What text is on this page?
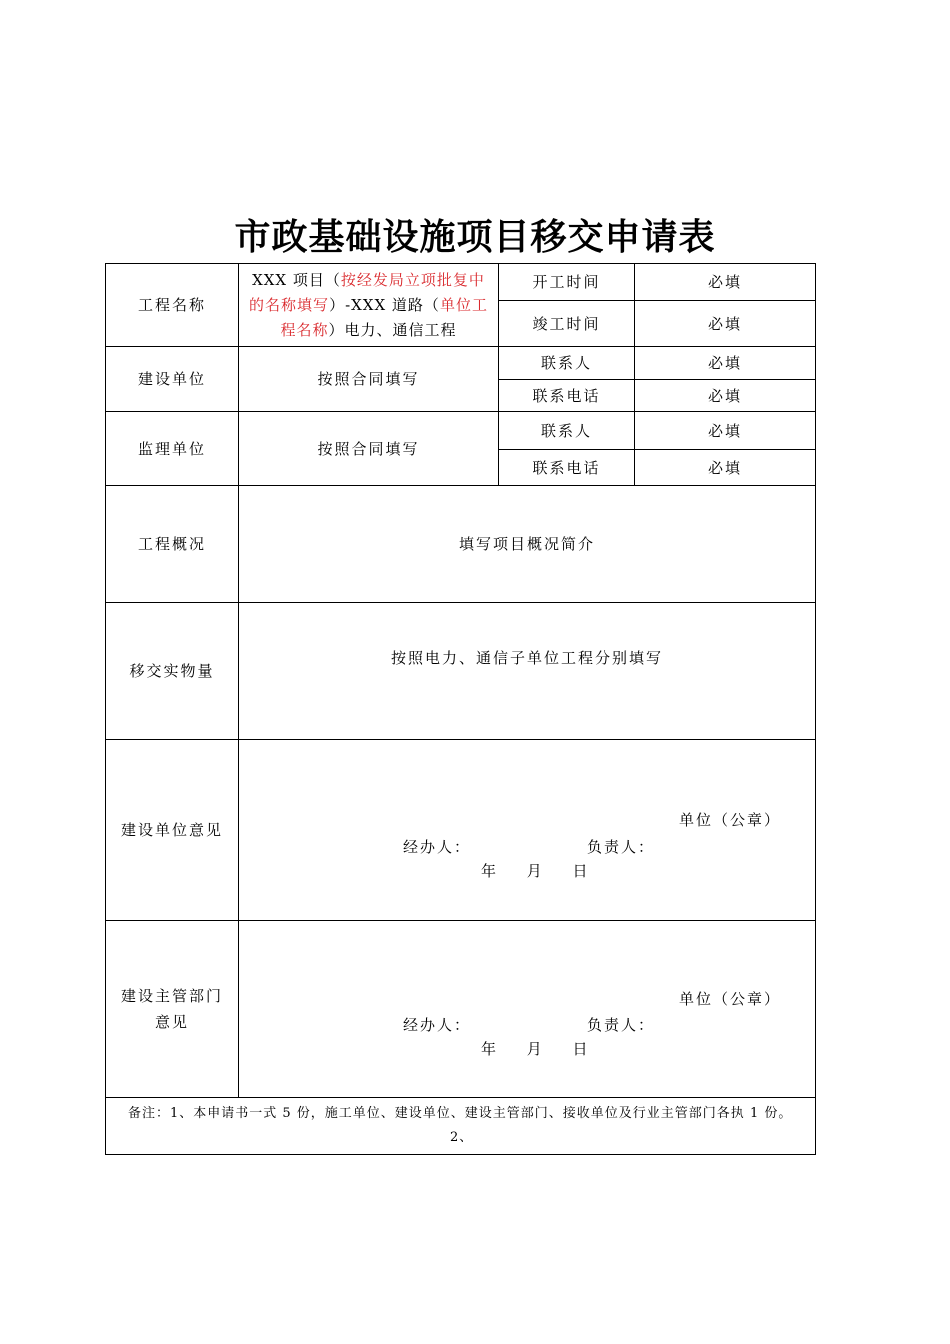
市政基础设施项目移交申请表
工程名称	XXX 项目（按经发局立项批复中的名称填写）-XXX 道路（单位工程名称）电力、通信工程	开工时间	必填
		竣工时间	必填
建设单位	按照合同填写	联系人	必填
		联系电话	必填
监理单位	按照合同填写	联系人	必填
		联系电话	必填
工程概况	填写项目概况简介		
移交实物量	按照电力、通信子单位工程分别填写		
建设单位意见	单位（公章）
经办人： 负责人：
年 月 日		

建设主管部门
意见	单位（公章）
经办人： 负责人：
年 月 日		

备注：1、本申请书一式 5 份，施工单位、建设单位、建设主管部门、接收单位及行业主管部门各执 1 份。
2、			
